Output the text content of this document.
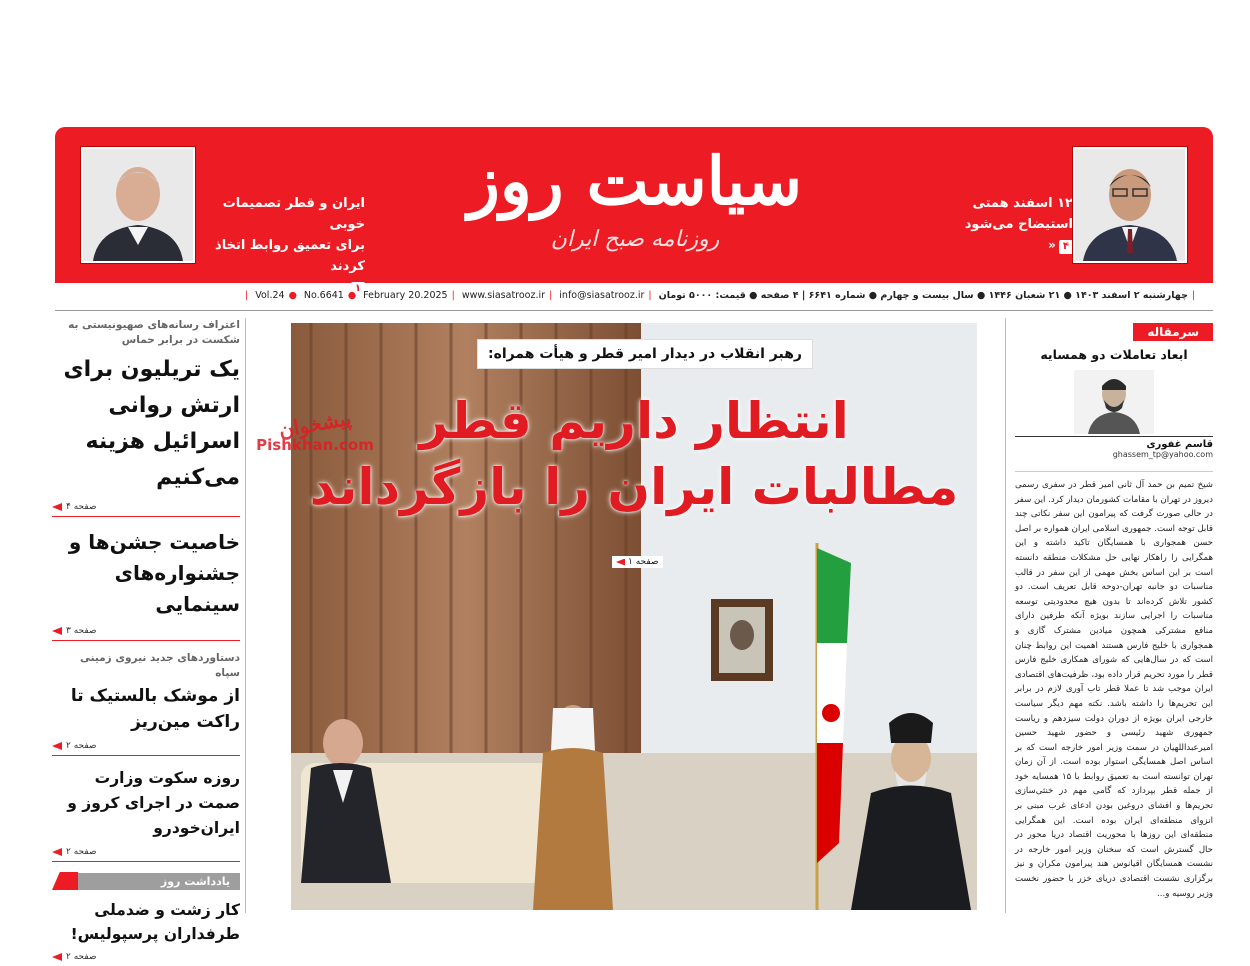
ایران و قطر تصمیمات خوبی
برای تعمیق روابط اتخاذ کردند
۱«
سیاست روز
روزنامه صبح ایران
۱۲ اسفند همتی
استیضاح می‌شود
۴«
| Vol.24 ● No.6641 ● February 20.2025 | www.siasatrooz.ir | info@siasatrooz.ir | چهارشنبه ۲ اسفند ۱۴۰۳ ● ۲۱ شعبان ۱۴۴۶ ● سال بیست و چهارم ● شماره ۶۶۴۱ | ۴ صفحه ● قیمت: ۵۰۰۰ تومان |
اعتراف رسانه‌های صهیونیستی به شکست در برابر حماس
یک تریلیون برای ارتش روانی اسرائیل هزینه می‌کنیم
صفحه ۴
خاصیت جشن‌ها و جشنواره‌های سینمایی
صفحه ۳
دستاوردهای جدید نیروی زمینی سپاه
از موشک بالستیک تا راکت مین‌ریز
صفحه ۲
روزه سکوت وزارت صمت در اجرای کروز و ایران‌خودرو
صفحه ۲
یادداشت روز
کار زشت و ضدملی طرفداران پرسپولیس!
صفحه ۲
رهبر انقلاب در دیدار امیر قطر و هیأت همراه:
انتظار داریم قطر
مطالبات ایران را بازگرداند
صفحه ۱
پیشخوان
Pishkhan.com
سرمقاله
ابعاد تعاملات دو همسایه
قاسم غفوری
ghassem_tp@yahoo.com
شیخ تمیم بن حمد آل ثانی امیر قطر در سفری رسمی دیروز در تهران با مقامات کشورمان دیدار کرد. این سفر در حالی صورت گرفت که پیرامون این سفر نکاتی چند قابل توجه است. جمهوری اسلامی ایران همواره بر اصل حسن همجواری با همسایگان تاکید داشته و این همگرایی را راهکار نهایی حل مشکلات منطقه دانسته است بر این اساس بخش مهمی از این سفر در قالب مناسبات دو جانبه تهران-دوحه قابل تعریف است. دو کشور تلاش کرده‌اند تا بدون هیچ محدودیتی توسعه مناسبات را اجرایی سازند بویژه آنکه طرفین دارای منافع مشترکی همچون میادین مشترک گازی و همجواری با خلیج فارس هستند اهمیت این روابط چنان است که در سال‌هایی که شورای همکاری خلیج فارس قطر را مورد تحریم قرار داده بود، ظرفیت‌های اقتصادی ایران موجب شد تا عملا قطر تاب آوری لازم در برابر این تحریم‌ها را داشته باشد. نکته مهم دیگر سیاست خارجی ایران بویژه از دوران دولت سیزدهم و ریاست جمهوری شهید رئیسی و حضور شهید حسین امیرعبداللهیان در سمت وزیر امور خارجه است که بر اساس اصل همسایگی استوار بوده است. از آن زمان تهران توانسته است به تعمیق روابط با ۱۵ همسایه خود از جمله قطر بپردازد که گامی مهم در خنثی‌سازی تحریم‌ها و افشای دروغین بودن ادعای غرب مبنی بر انزوای منطقه‌ای ایران بوده است. این همگرایی منطقه‌ای این روزها با محوریت اقتصاد دریا محور در حال گسترش است که سخنان وزیر امور خارجه در نشست همسایگان اقیانوس هند پیرامون مکران و نیز برگزاری نشست اقتصادی دریای خزر با حضور نخست وزیر روسیه و...
